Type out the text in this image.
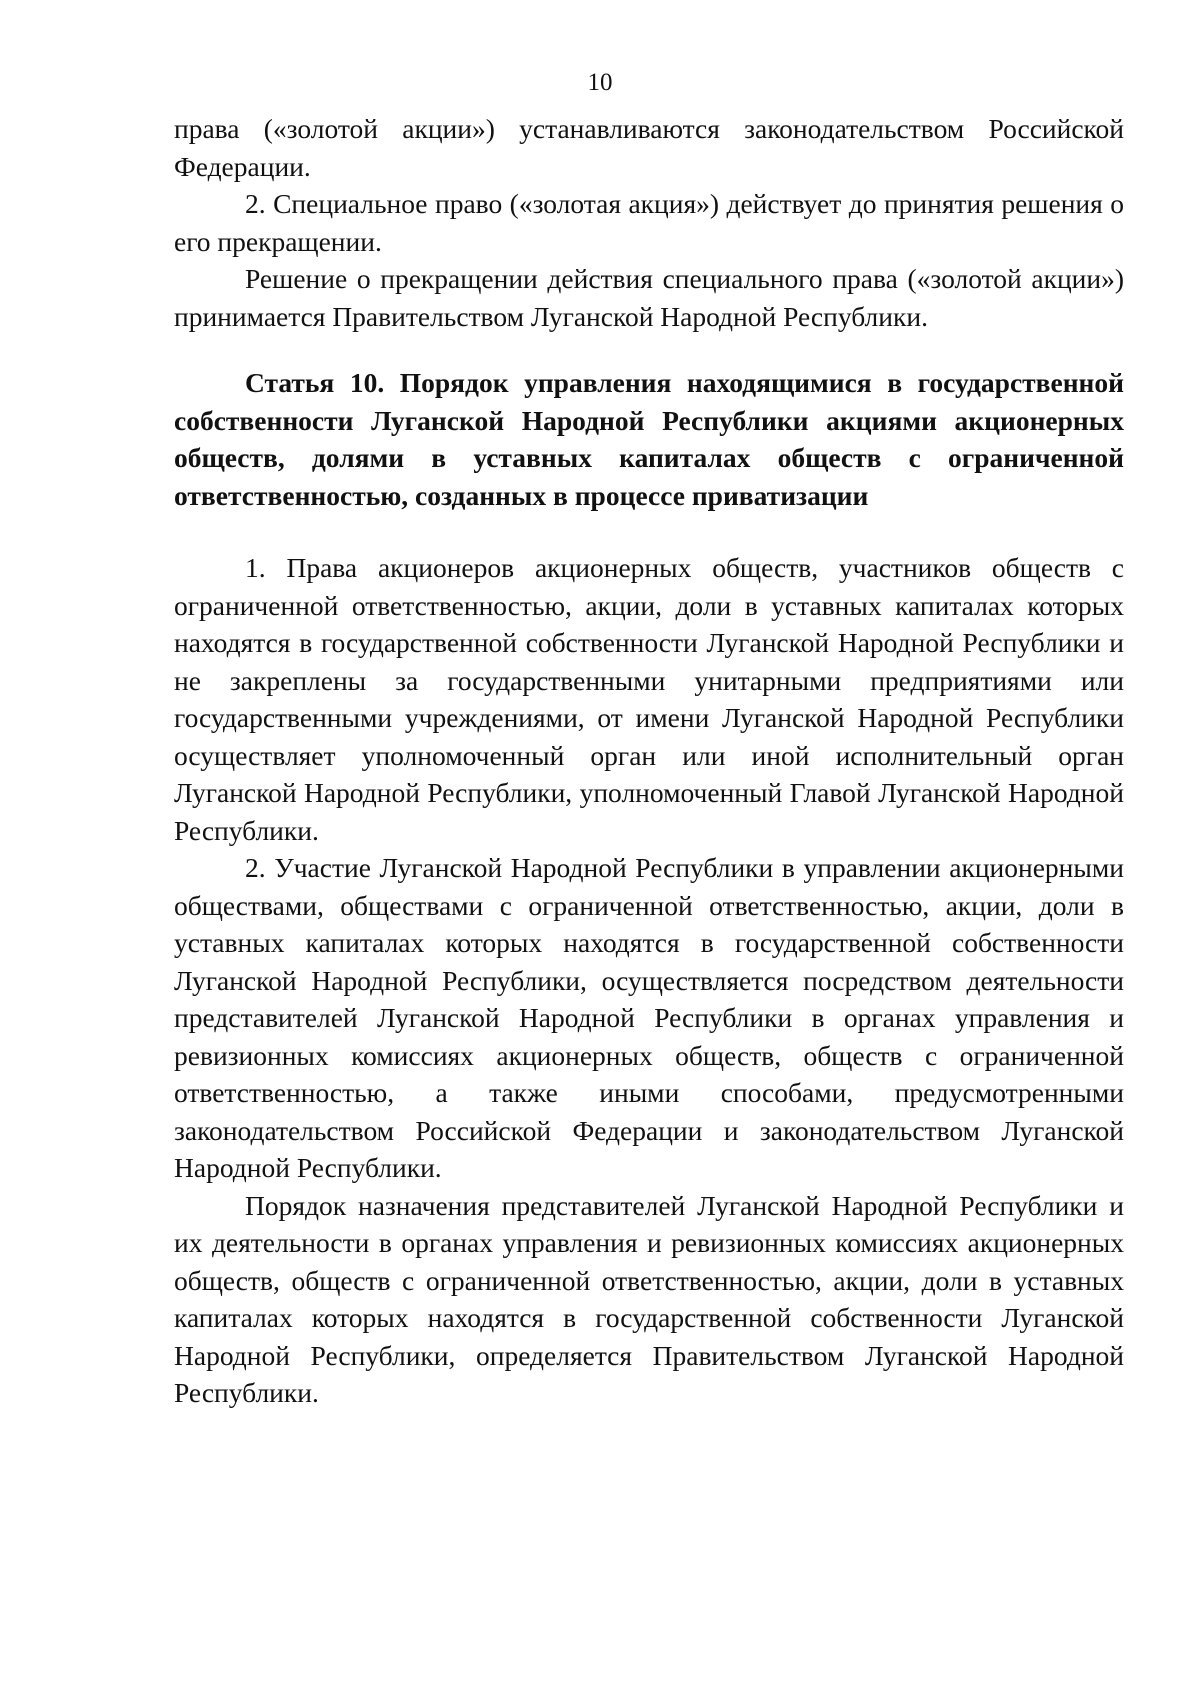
10

права («золотой акции») устанавливаются законодательством Российской Федерации.

2. Специальное право («золотая акция») действует до принятия решения о его прекращении.

Решение о прекращении действия специального права («золотой акции») принимается Правительством Луганской Народной Республики.

Статья 10. Порядок управления находящимися в государственной собственности Луганской Народной Республики акциями акционерных обществ, долями в уставных капиталах обществ с ограниченной ответственностью, созданных в процессе приватизации

1. Права акционеров акционерных обществ, участников обществ с ограниченной ответственностью, акции, доли в уставных капиталах которых находятся в государственной собственности Луганской Народной Республики и не закреплены за государственными унитарными предприятиями или государственными учреждениями, от имени Луганской Народной Республики осуществляет уполномоченный орган или иной исполнительный орган Луганской Народной Республики, уполномоченный Главой Луганской Народной Республики.

2. Участие Луганской Народной Республики в управлении акционерными обществами, обществами с ограниченной ответственностью, акции, доли в уставных капиталах которых находятся в государственной собственности Луганской Народной Республики, осуществляется посредством деятельности представителей Луганской Народной Республики в органах управления и ревизионных комиссиях акционерных обществ, обществ с ограниченной ответственностью, а также иными способами, предусмотренными законодательством Российской Федерации и законодательством Луганской Народной Республики.

Порядок назначения представителей Луганской Народной Республики и их деятельности в органах управления и ревизионных комиссиях акционерных обществ, обществ с ограниченной ответственностью, акции, доли в уставных капиталах которых находятся в государственной собственности Луганской Народной Республики, определяется Правительством Луганской Народной Республики.
